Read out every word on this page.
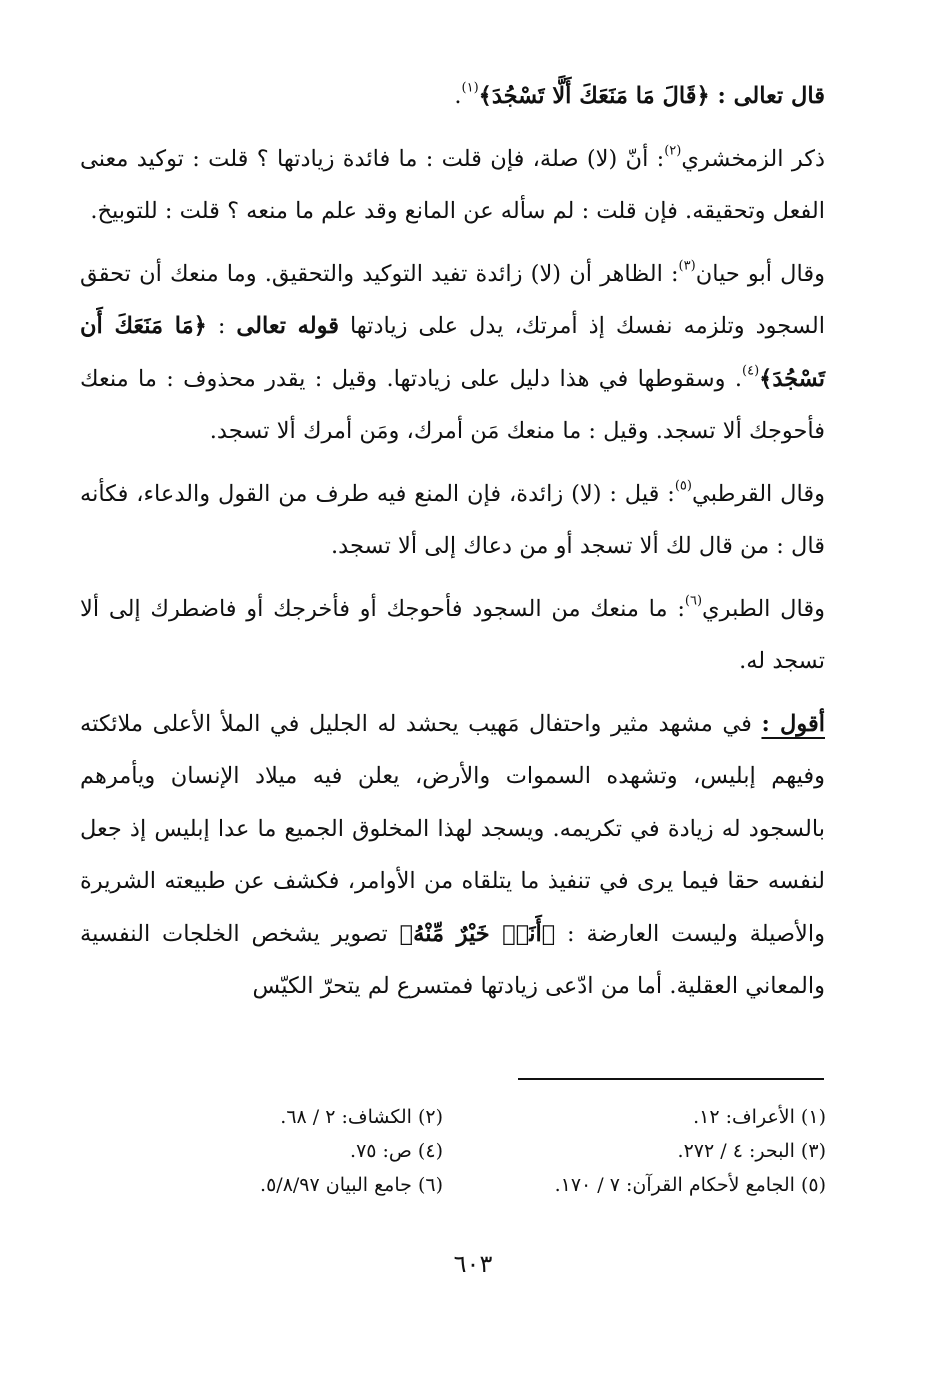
قال تعالى : ﴿قَالَ مَا مَنَعَكَ أَلَّا تَسْجُدَ﴾$^{(١)}$.

ذكر الزمخشري$^{(٢)}$: أنّ (لا) صلة، فإن قلت : ما فائدة زيادتها ؟ قلت : توكيد معنى الفعل وتحقيقه. فإن قلت : لم سأله عن المانع وقد علم ما منعه ؟ قلت : للتوبيخ.

وقال أبو حيان$^{(٣)}$: الظاهر أن (لا) زائدة تفيد التوكيد والتحقيق. وما منعك أن تحقق السجود وتلزمه نفسك إذ أمرتك، يدل على زيادتها قوله تعالى : ﴿مَا مَنَعَكَ أَن تَسْجُدَ﴾$^{(٤)}$. وسقوطها في هذا دليل على زيادتها. وقيل : يقدر محذوف : ما منعك فأحوجك ألا تسجد. وقيل : ما منعك مَن أمرك، ومَن أمرك ألا تسجد.

وقال القرطبي$^{(٥)}$: قيل : (لا) زائدة، فإن المنع فيه طرف من القول والدعاء، فكأنه قال : من قال لك ألا تسجد أو من دعاك إلى ألا تسجد.

وقال الطبري$^{(٦)}$: ما منعك من السجود فأحوجك أو فأخرجك أو فاضطرك إلى ألا تسجد له.

أقول : في مشهد مثير واحتفال مَهيب يحشد له الجليل في الملأ الأعلى ملائكته وفيهم إبليس، وتشهده السموات والأرض، يعلن فيه ميلاد الإنسان ويأمرهم بالسجود له زيادة في تكريمه. ويسجد لهذا المخلوق الجميع ما عدا إبليس إذ جعل لنفسه حقا فيما يرى في تنفيذ ما يتلقاه من الأوامر، فكشف عن طبيعته الشريرة والأصيلة وليست العارضة : ﴿أَنَا۠ خَيْرٌ مِّنْهُ﴾ تصوير يشخص الخلجات النفسية والمعاني العقلية. أما من ادّعى زيادتها فمتسرع لم يتحرّ الكيّس

(١) الأعراف: ١٢.
(٢) الكشاف: ٢ / ٦٨.
(٣) البحر: ٤ / ٢٧٢.
(٤) ص: ٧٥.
(٥) الجامع لأحكام القرآن: ٧ / ١٧٠.
(٦) جامع البيان ٥/٨/٩٧.
٦٠٣
